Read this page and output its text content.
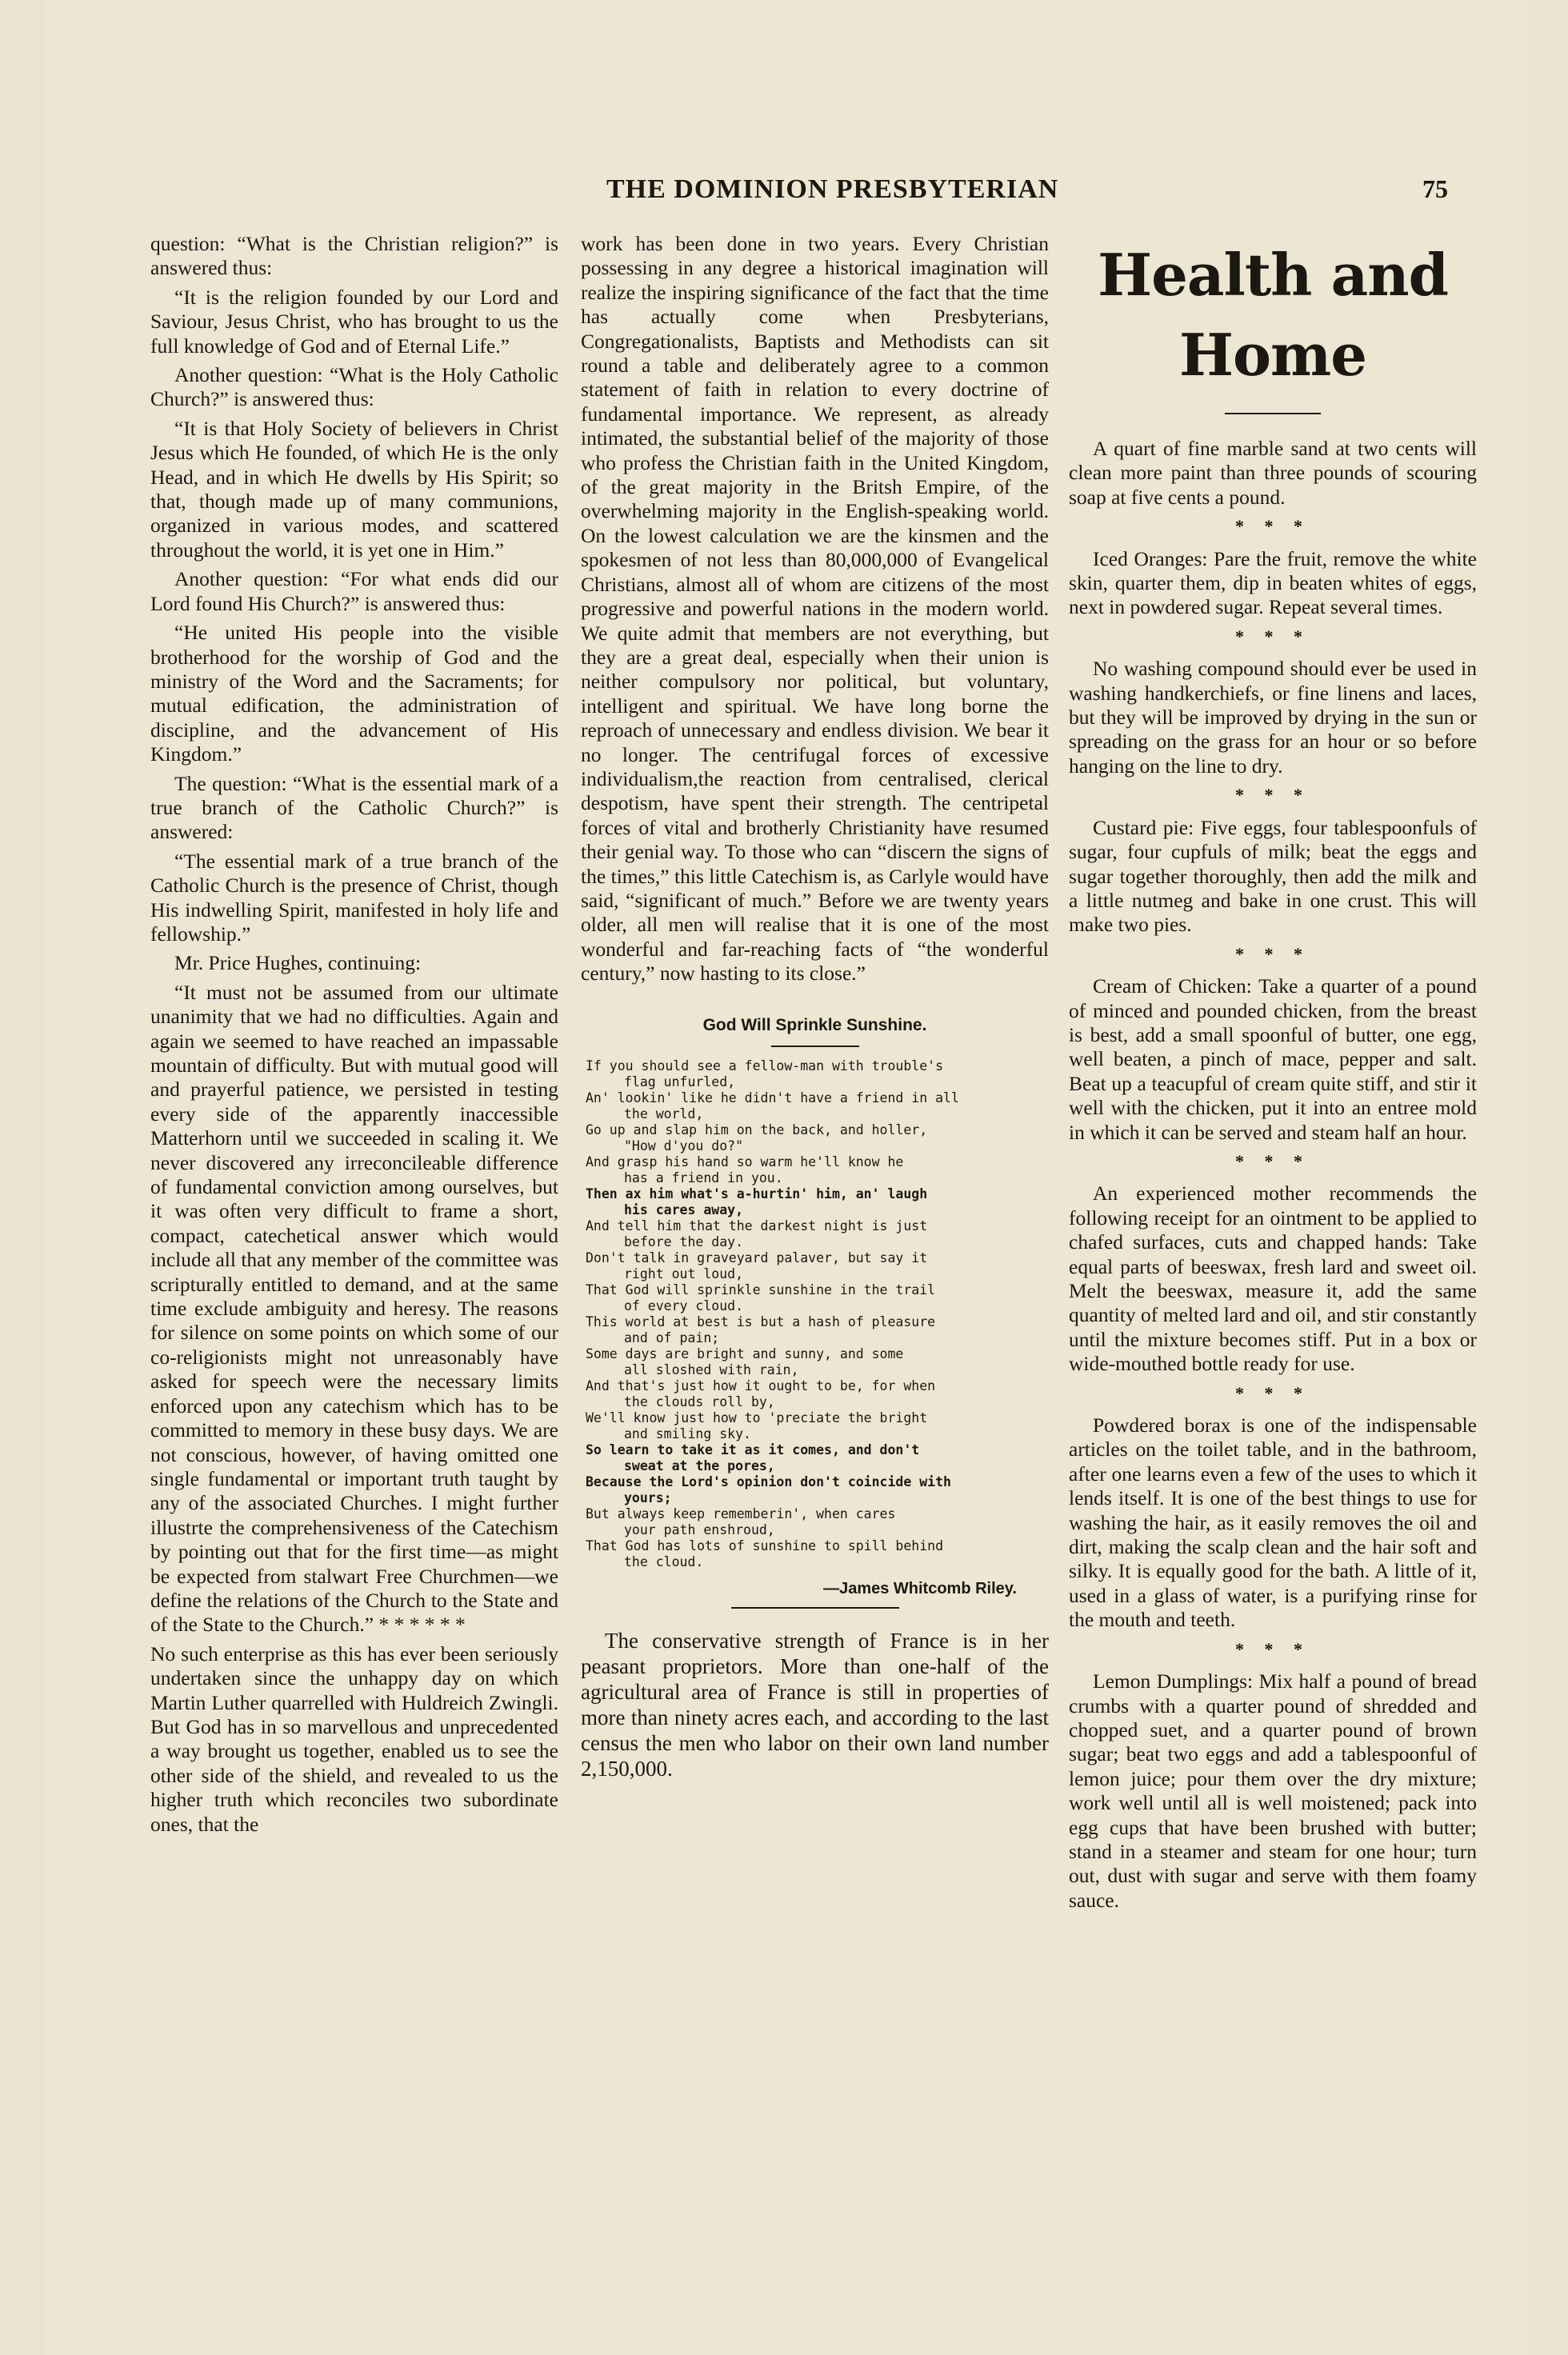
THE DOMINION PRESBYTERIAN	75

question: “What is the Christian religion?” is answered thus:

“It is the religion founded by our Lord and Saviour, Jesus Christ, who has brought to us the full knowledge of God and of Eternal Life.”

Another question: “What is the Holy Catholic Church?” is answered thus:

“It is that Holy Society of believers in Christ Jesus which He founded, of which He is the only Head, and in which He dwells by His Spirit; so that, though made up of many communions, organized in various modes, and scattered throughout the world, it is yet one in Him.”

Another question: “For what ends did our Lord found His Church?” is answered thus:

“He united His people into the visible brotherhood for the worship of God and the ministry of the Word and the Sacraments; for mutual edification, the administration of discipline, and the advancement of His Kingdom.”

The question: “What is the essential mark of a true branch of the Catholic Church?” is answered:

“The essential mark of a true branch of the Catholic Church is the presence of Christ, though His indwelling Spirit, manifested in holy life and fellowship.”

Mr. Price Hughes, continuing:

“It must not be assumed from our ultimate unanimity that we had no difficulties. Again and again we seemed to have reached an impassable mountain of difficulty. But with mutual good will and prayerful patience, we persisted in testing every side of the apparently inaccessible Matterhorn until we succeeded in scaling it. We never discovered any irreconcileable difference of fundamental conviction among ourselves, but it was often very difficult to frame a short, compact, catechetical answer which would include all that any member of the committee was scripturally entitled to demand, and at the same time exclude ambiguity and heresy. The reasons for silence on some points on which some of our co-religionists might not unreasonably have asked for speech were the necessary limits enforced upon any catechism which has to be committed to memory in these busy days. We are not conscious, however, of having omitted one single fundamental or important truth taught by any of the associated Churches. I might further illustrte the comprehensiveness of the Catechism by pointing out that for the first time—as might be expected from stalwart Free Churchmen—we define the relations of the Church to the State and of the State to the Church.” * * * * * *

No such enterprise as this has ever been seriously undertaken since the unhappy day on which Martin Luther quarrelled with Huldreich Zwingli. But God has in so marvellous and unprecedented a way brought us together, enabled us to see the other side of the shield, and revealed to us the higher truth which reconciles two subordinate ones, that the

work has been done in two years. Every Christian possessing in any degree a historical imagination will realize the inspiring significance of the fact that the time has actually come when Presbyterians, Congregationalists, Baptists and Methodists can sit round a table and deliberately agree to a common statement of faith in relation to every doctrine of fundamental importance. We represent, as already intimated, the substantial belief of the majority of those who profess the Christian faith in the United Kingdom, of the great majority in the Britsh Empire, of the overwhelming majority in the English-speaking world. On the lowest calculation we are the kinsmen and the spokesmen of not less than 80,000,000 of Evangelical Christians, almost all of whom are citizens of the most progressive and powerful nations in the modern world. We quite admit that members are not everything, but they are a great deal, especially when their union is neither compulsory nor political, but voluntary, intelligent and spiritual. We have long borne the reproach of unnecessary and endless division. We bear it no longer. The centrifugal forces of excessive individualism,the reaction from centralised, clerical despotism, have spent their strength. The centripetal forces of vital and brotherly Christianity have resumed their genial way. To those who can “discern the signs of the times,” this little Catechism is, as Carlyle would have said, “significant of much.” Before we are twenty years older, all men will realise that it is one of the most wonderful and far-reaching facts of “the wonderful century,” now hasting to its close.”

God Will Sprinkle Sunshine.
If you should see a fellow-man with trouble's
flag unfurled,
An' lookin' like he didn't have a friend in all
the world,
Go up and slap him on the back, and holler,
"How d'you do?"
And grasp his hand so warm he'll know he
has a friend in you.
Then ax him what's a-hurtin' him, an' laugh
his cares away,
And tell him that the darkest night is just
before the day.
Don't talk in graveyard palaver, but say it
right out loud,
That God will sprinkle sunshine in the trail
of every cloud.
This world at best is but a hash of pleasure
and of pain;
Some days are bright and sunny, and some
all sloshed with rain,
And that's just how it ought to be, for when
the clouds roll by,
We'll know just how to 'preciate the bright
and smiling sky.
So learn to take it as it comes, and don't
sweat at the pores,
Because the Lord's opinion don't coincide with
yours;
But always keep rememberin', when cares
your path enshroud,
That God has lots of sunshine to spill behind
the cloud.
—James Whitcomb Riley.

The conservative strength of France is in her peasant proprietors. More than one-half of the agricultural area of France is still in properties of more than ninety acres each, and according to the last census the men who labor on their own land number 2,150,000.

Health and Home

A quart of fine marble sand at two cents will clean more paint than three pounds of scouring soap at five cents a pound.

* * *

Iced Oranges: Pare the fruit, remove the white skin, quarter them, dip in beaten whites of eggs, next in powdered sugar. Repeat several times.

* * *

No washing compound should ever be used in washing handkerchiefs, or fine linens and laces, but they will be improved by drying in the sun or spreading on the grass for an hour or so before hanging on the line to dry.

* * *

Custard pie: Five eggs, four tablespoonfuls of sugar, four cupfuls of milk; beat the eggs and sugar together thoroughly, then add the milk and a little nutmeg and bake in one crust. This will make two pies.

* * *

Cream of Chicken: Take a quarter of a pound of minced and pounded chicken, from the breast is best, add a small spoonful of butter, one egg, well beaten, a pinch of mace, pepper and salt. Beat up a teacupful of cream quite stiff, and stir it well with the chicken, put it into an entree mold in which it can be served and steam half an hour.

* * *

An experienced mother recommends the following receipt for an ointment to be applied to chafed surfaces, cuts and chapped hands: Take equal parts of beeswax, fresh lard and sweet oil. Melt the beeswax, measure it, add the same quantity of melted lard and oil, and stir constantly until the mixture becomes stiff. Put in a box or wide-mouthed bottle ready for use.

* * *

Powdered borax is one of the indispensable articles on the toilet table, and in the bathroom, after one learns even a few of the uses to which it lends itself. It is one of the best things to use for washing the hair, as it easily removes the oil and dirt, making the scalp clean and the hair soft and silky. It is equally good for the bath. A little of it, used in a glass of water, is a purifying rinse for the mouth and teeth.

* * *

Lemon Dumplings: Mix half a pound of bread crumbs with a quarter pound of shredded and chopped suet, and a quarter pound of brown sugar; beat two eggs and add a tablespoonful of lemon juice; pour them over the dry mixture; work well until all is well moistened; pack into egg cups that have been brushed with butter; stand in a steamer and steam for one hour; turn out, dust with sugar and serve with them foamy sauce.
